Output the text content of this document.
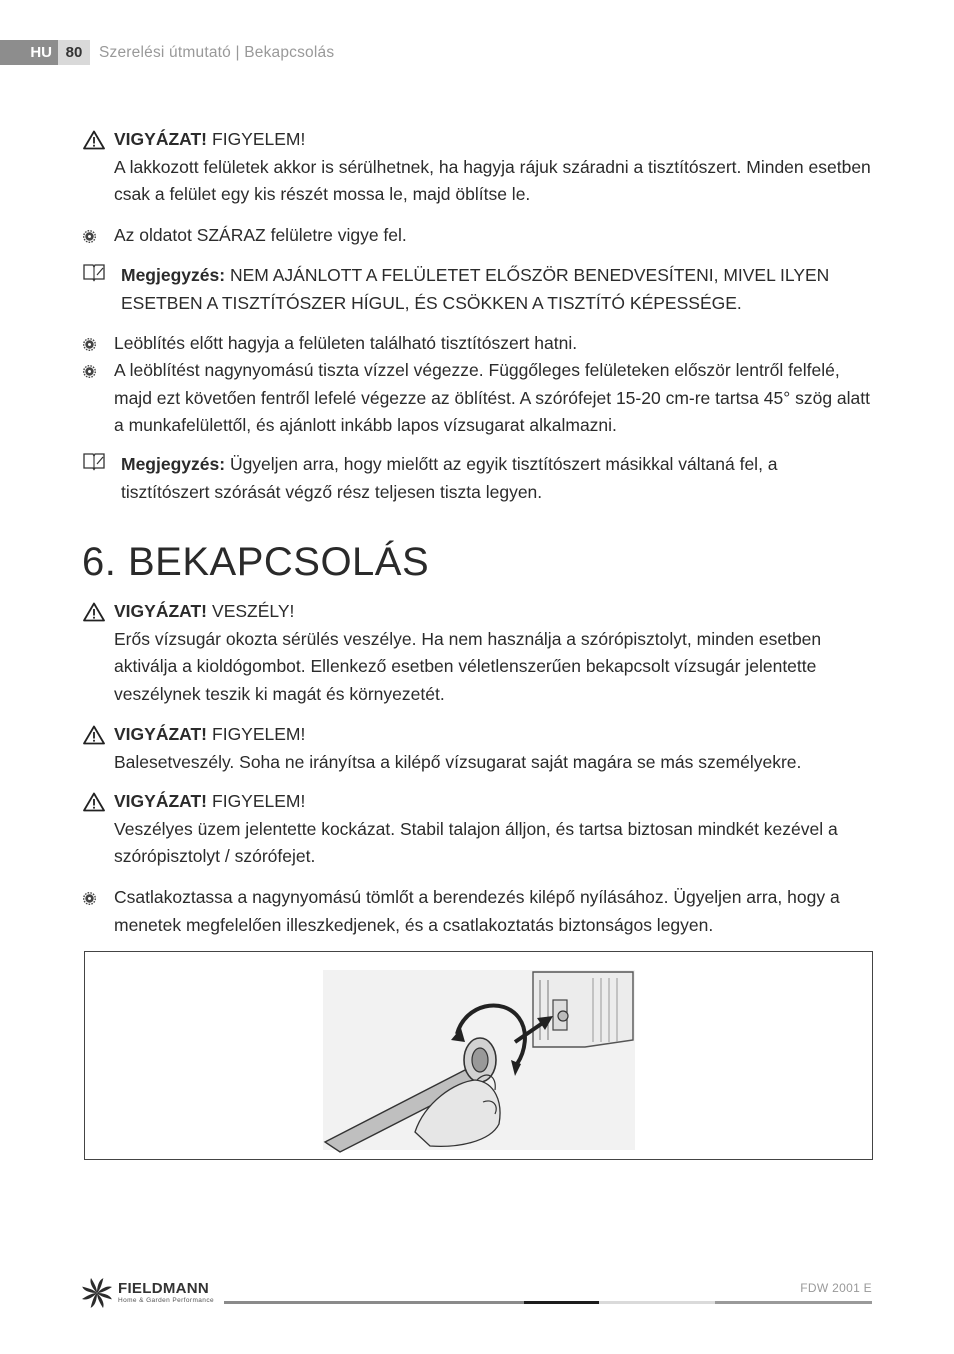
HU 80	Szerelési útmutató | Bekapcsolás
VIGYÁZAT! FIGYELEM!
A lakkozott felületek akkor is sérülhetnek, ha hagyja rájuk száradni a tisztítószert. Minden esetben csak a felület egy kis részét mossa le, majd öblítse le.
Az oldatot SZÁRAZ felületre vigye fel.
Megjegyzés: NEM AJÁNLOTT A FELÜLETET ELŐSZÖR BENEDVESÍTENI, MIVEL ILYEN ESETBEN A TISZTÍTÓSZER HÍGUL, ÉS CSÖKKEN A TISZTÍTÓ KÉPESSÉGE.
Leöblítés előtt hagyja a felületen található tisztítószert hatni.
A leöblítést nagynyomású tiszta vízzel végezze. Függőleges felületeken először lentről felfelé, majd ezt követően fentről lefelé végezze az öblítést. A szórófejet 15-20 cm-re tartsa 45° szög alatt a munkafelülettől, és ajánlott inkább lapos vízsugarat alkalmazni.
Megjegyzés: Ügyeljen arra, hogy mielőtt az egyik tisztítószert másikkal váltaná fel, a tisztítószert szórását végző rész teljesen tiszta legyen.
6. BEKAPCSOLÁS
VIGYÁZAT! VESZÉLY!
Erős vízsugár okozta sérülés veszélye. Ha nem használja a szórópisztolyt, minden esetben aktiválja a kioldógombot. Ellenkező esetben véletlenszerűen bekapcsolt vízsugár jelentette veszélynek teszik ki magát és környezetét.
VIGYÁZAT! FIGYELEM!
Balesetveszély. Soha ne irányítsa a kilépő vízsugarat saját magára se más személyekre.
VIGYÁZAT! FIGYELEM!
Veszélyes üzem jelentette kockázat. Stabil talajon álljon, és tartsa biztosan mindkét kezével a szórópisztolyt / szórófejet.
Csatlakoztassa a nagynyomású tömlőt a berendezés kilépő nyílásához. Ügyeljen arra, hogy a menetek megfelelően illeszkedjenek, és a csatlakoztatás biztonságos legyen.
FIELDMANN
Home & Garden Performance
FDW 2001 E
